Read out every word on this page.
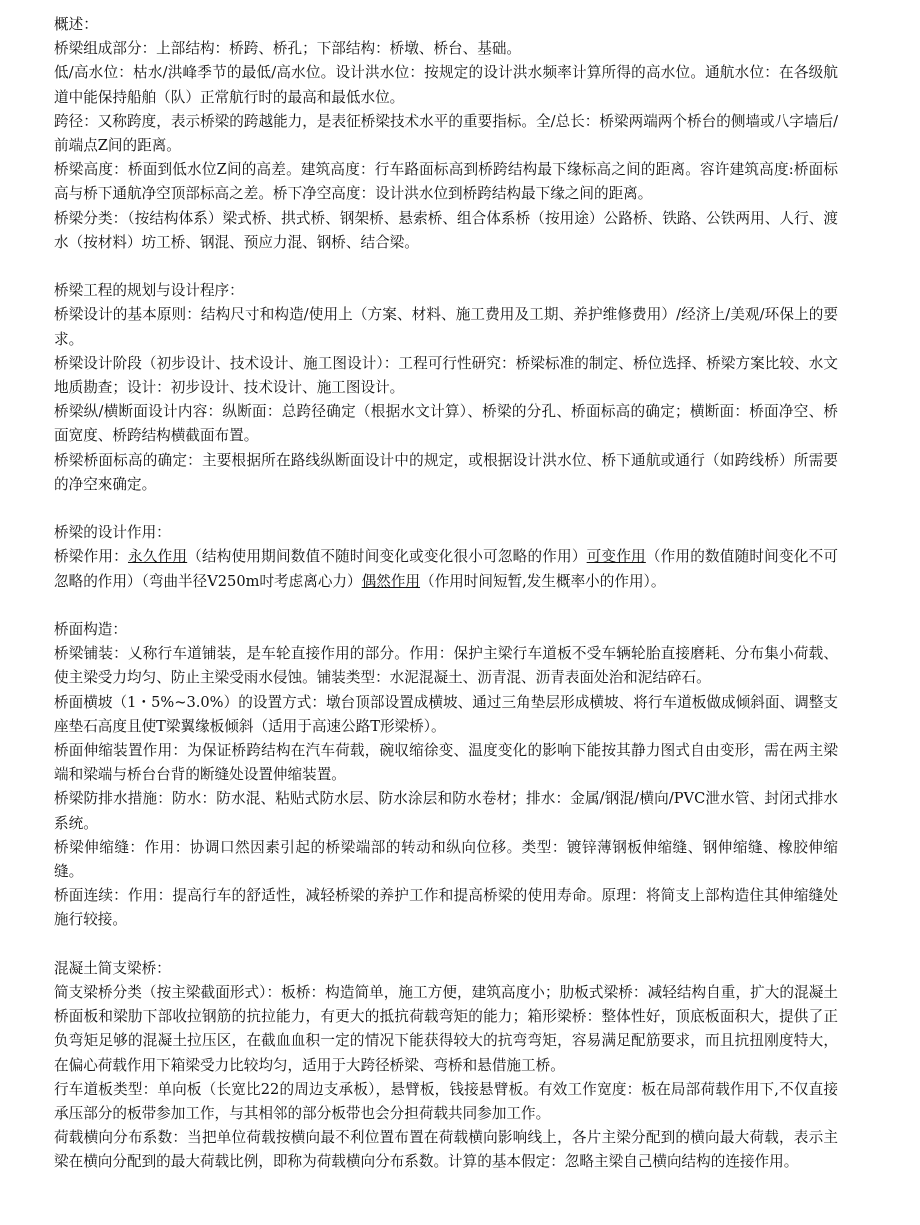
概述：

桥梁组成部分：上部结构：桥跨、桥孔；下部结构：桥墩、桥台、基础。

低/高水位：枯水/洪峰季节的最低/高水位。设计洪水位：按规定的设计洪水频率计算所得的高水位。通航水位：在各级航道中能保持船舶（队）正常航行时的最高和最低水位。

跨径：又称跨度，表示桥梁的跨越能力，是表征桥梁技术水平的重要指标。全/总长：桥梁两端两个桥台的侧墙或八字墙后/前端点Z间的距离。

桥梁高度：桥面到低水位Z间的高差。建筑高度：行车路面标高到桥跨结构最下缘标高之间的距离。容许建筑高度:桥面标高与桥下通航净空顶部标高之差。桥下净空高度：设计洪水位到桥跨结构最下缘之间的距离。

桥梁分类：（按结构体系）梁式桥、拱式桥、钢架桥、悬索桥、组合体系桥（按用途）公路桥、铁路、公铁两用、人行、渡水（按材料）坊工桥、钢混、预应力混、钢桥、结合梁。

桥梁工程的规划与设计程序：

桥梁设计的基本原则：结构尺寸和构造/使用上（方案、材料、施工费用及工期、养护维修费用）/经济上/美观/环保上的要求。

桥梁设计阶段（初步设计、技术设计、施工图设计）：工程可行性研究：桥梁标准的制定、桥位选择、桥梁方案比较、水文地质勘查；设计：初步设计、技术设计、施工图设计。

桥梁纵/横断面设计内容：纵断面：总跨径确定（根据水文计算）、桥梁的分孔、桥面标高的确定；横断面：桥面净空、桥面宽度、桥跨结构横截面布置。

桥梁桥面标高的确定：主要根据所在路线纵断面设计中的规定，或根据设计洪水位、桥下通航或通行（如跨线桥）所需要的净空來确定。

桥梁的设计作用：

桥梁作用：永久作用（结构使用期间数值不随时间变化或变化很小可忽略的作用）可变作用（作用的数值随时间变化不可忽略的作用）（弯曲半径V250m吋考虑离心力）偶然作用（作用时间短暂,发生概率小的作用）。

桥面构造：

桥梁铺装：乂称行车道铺装，是车轮直接作用的部分。作用：保护主梁行车道板不受车辆轮胎直接磨耗、分布集小荷载、使主梁受力均匀、防止主梁受雨水侵蚀。铺装类型：水泥混凝土、沥青混、沥青表面处治和泥结碎石。

桥面横坡（1・5%~3.0%）的设置方式：墩台顶部设置成横坡、通过三角垫层形成横坡、将行车道板做成倾斜面、调整支座垫石高度且使T梁翼缘板倾斜（适用于高速公路T形梁桥）。

桥面伸缩装置作用：为保证桥跨结构在汽车荷载，碗収缩徐变、温度变化的影响下能按其静力图式自由变形，需在两主梁端和梁端与桥台台背的断缝处设置伸缩装置。

桥梁防排水措施：防水：防水混、粘贴式防水层、防水涂层和防水卷材；排水：金属/钢混/横向/PVC泄水管、封闭式排水系统。

桥梁伸缩缝：作用：协调口然因素引起的桥梁端部的转动和纵向位移。类型：镀锌薄钢板伸缩缝、钢伸缩缝、橡胶伸缩缝。

桥面连续：作用：提高行车的舒适性，减轻桥梁的养护工作和提高桥梁的使用寿命。原理：将简支上部构造住其伸缩缝处施行较接。

混凝土简支梁桥：

简支梁桥分类（按主梁截面形式）：板桥：构造简单，施工方便，建筑高度小；肋板式梁桥：减轻结构自重，扩大的混凝土桥面板和梁肋下部收拉钢筋的抗拉能力，有更大的抵抗荷载弯矩的能力；箱形梁桥：整体性好，顶底板面积大，提供了正负弯矩足够的混凝土拉压区，在截血血积一定的情况下能获得较大的抗弯弯矩，容易满足配筋要求，而且抗扭刚度特大，在偏心荷载作用下箱梁受力比较均匀，适用于大跨径桥梁、弯桥和悬借施工桥。

行车道板类型：单向板（长宽比22的周边支承板），悬臂板，钱接悬臂板。有效工作宽度：板在局部荷载作用下,不仅直接承压部分的板带参加工作，与其相邻的部分板带也会分担荷载共同参加工作。

荷载横向分布系数：当把单位荷载按横向最不利位置布置在荷载横向影响线上，各片主梁分配到的横向最大荷载，表示主梁在横向分配到的最大荷载比例，即称为荷载横向分布系数。计算的基本假定：忽略主梁自己横向结构的连接作用。
